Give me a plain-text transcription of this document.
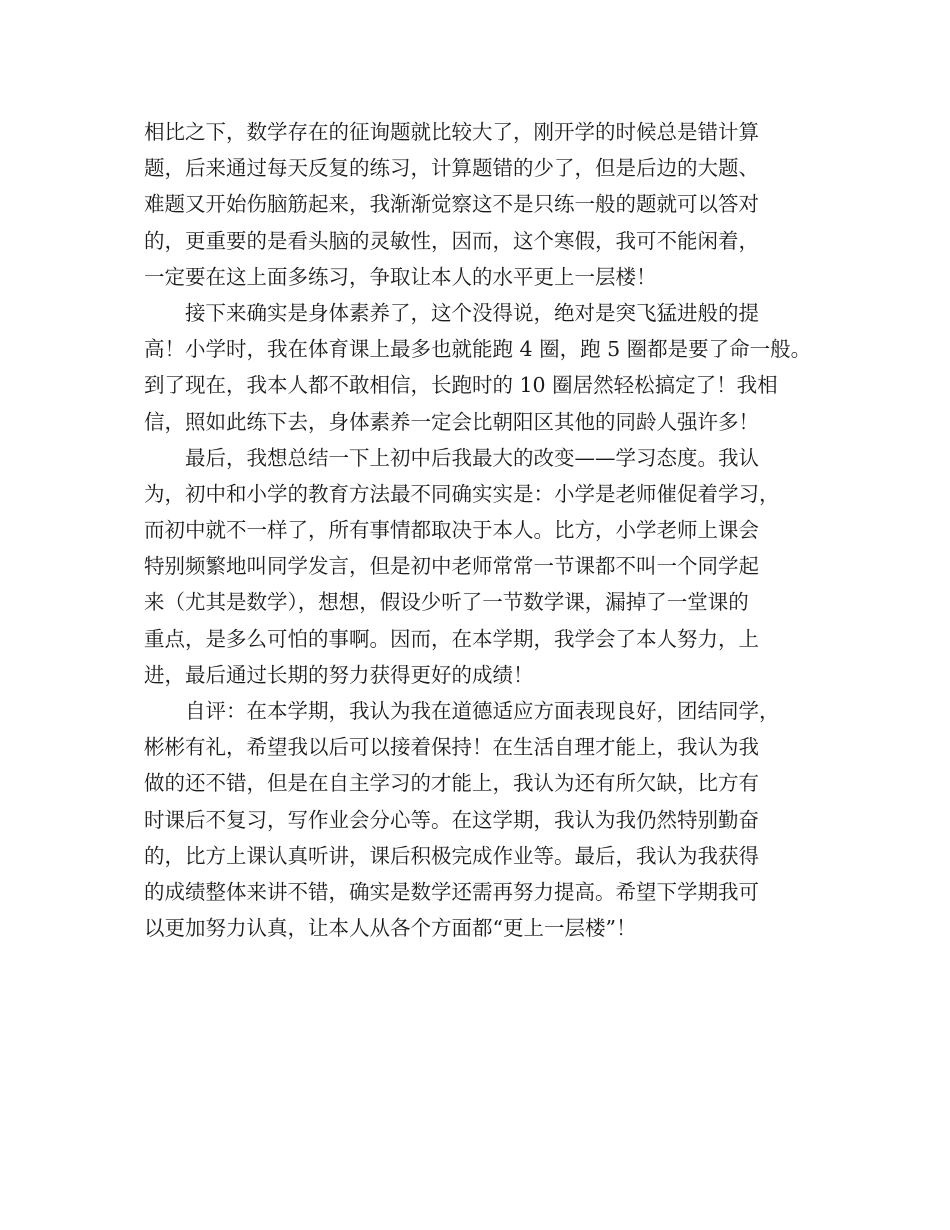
相比之下，数学存在的征询题就比较大了，刚开学的时候总是错计算
题，后来通过每天反复的练习，计算题错的少了，但是后边的大题、
难题又开始伤脑筋起来，我渐渐觉察这不是只练一般的题就可以答对
的，更重要的是看头脑的灵敏性，因而，这个寒假，我可不能闲着，
一定要在这上面多练习，争取让本人的水平更上一层楼！
接下来确实是身体素养了，这个没得说，绝对是突飞猛进般的提
高！小学时，我在体育课上最多也就能跑 4 圈，跑 5 圈都是要了命一般。
到了现在，我本人都不敢相信，长跑时的 10 圈居然轻松搞定了！我相
信，照如此练下去，身体素养一定会比朝阳区其他的同龄人强许多！
最后，我想总结一下上初中后我最大的改变——学习态度。我认
为，初中和小学的教育方法最不同确实实是：小学是老师催促着学习，
而初中就不一样了，所有事情都取决于本人。比方，小学老师上课会
特别频繁地叫同学发言，但是初中老师常常一节课都不叫一个同学起
来（尤其是数学），想想，假设少听了一节数学课，漏掉了一堂课的
重点，是多么可怕的事啊。因而，在本学期，我学会了本人努力，上
进，最后通过长期的努力获得更好的成绩！
自评：在本学期，我认为我在道德适应方面表现良好，团结同学，
彬彬有礼，希望我以后可以接着保持！在生活自理才能上，我认为我
做的还不错，但是在自主学习的才能上，我认为还有所欠缺，比方有
时课后不复习，写作业会分心等。在这学期，我认为我仍然特别勤奋
的，比方上课认真听讲，课后积极完成作业等。最后，我认为我获得
的成绩整体来讲不错，确实是数学还需再努力提高。希望下学期我可
以更加努力认真，让本人从各个方面都“更上一层楼”！
